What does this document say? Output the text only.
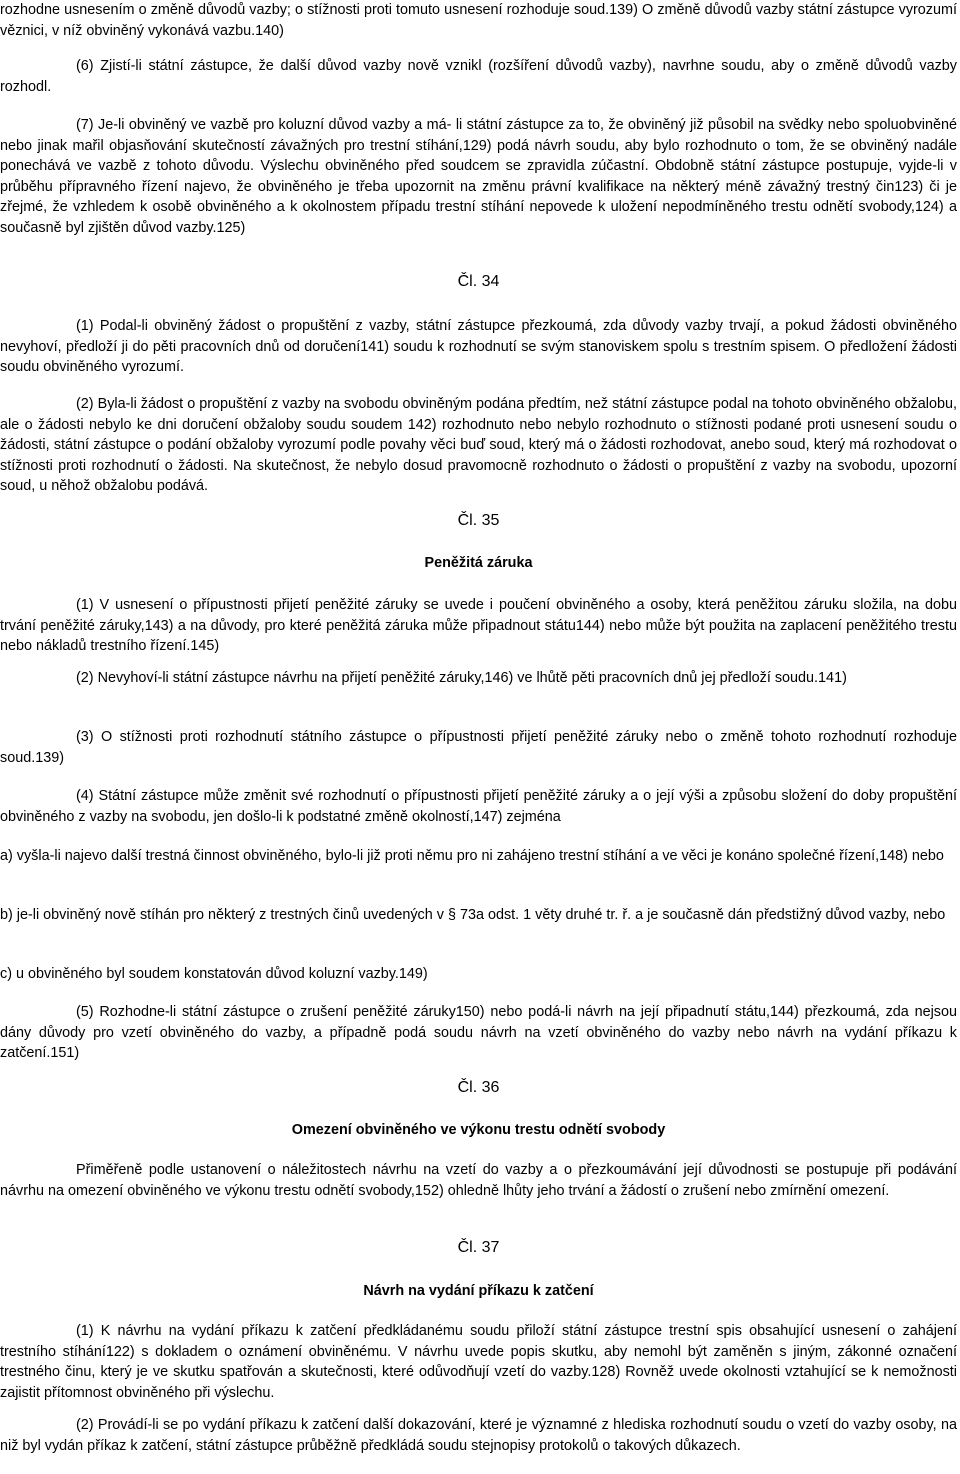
rozhodne usnesením o změně důvodů vazby; o stížnosti proti tomuto usnesení rozhoduje soud.139) O změně důvodů vazby státní zástupce vyrozumí věznici, v níž obviněný vykonává vazbu.140)

(6) Zjistí-li státní zástupce, že další důvod vazby nově vznikl (rozšíření důvodů vazby), navrhne soudu, aby o změně důvodů vazby rozhodl.

(7) Je-li obviněný ve vazbě pro koluzní důvod vazby a má- li státní zástupce za to, že obviněný již působil na svědky nebo spoluobviněné nebo jinak mařil objasňování skutečností závažných pro trestní stíhání,129) podá návrh soudu, aby bylo rozhodnuto o tom, že se obviněný nadále ponechává ve vazbě z tohoto důvodu. Výslechu obviněného před soudcem se zpravidla zúčastní. Obdobně státní zástupce postupuje, vyjde-li v průběhu přípravného řízení najevo, že obviněného je třeba upozornit na změnu právní kvalifikace na některý méně závažný trestný čin123) či je zřejmé, že vzhledem k osobě obviněného a k okolnostem případu trestní stíhání nepovede k uložení nepodmíněného trestu odnětí svobody,124) a současně byl zjištěn důvod vazby.125)

Čl. 34

(1) Podal-li obviněný žádost o propuštění z vazby, státní zástupce přezkoumá, zda důvody vazby trvají, a pokud žádosti obviněného nevyhoví, předloží ji do pěti pracovních dnů od doručení141) soudu k rozhodnutí se svým stanoviskem spolu s trestním spisem. O předložení žádosti soudu obviněného vyrozumí.

(2) Byla-li žádost o propuštění z vazby na svobodu obviněným podána předtím, než státní zástupce podal na tohoto obviněného obžalobu, ale o žádosti nebylo ke dni doručení obžaloby soudu soudem 142) rozhodnuto nebo nebylo rozhodnuto o stížnosti podané proti usnesení soudu o žádosti, státní zástupce o podání obžaloby vyrozumí podle povahy věci buď soud, který má o žádosti rozhodovat, anebo soud, který má rozhodovat o stížnosti proti rozhodnutí o žádosti. Na skutečnost, že nebylo dosud pravomocně rozhodnuto o žádosti o propuštění z vazby na svobodu, upozorní soud, u něhož obžalobu podává.

Čl. 35

Peněžitá záruka

(1) V usnesení o přípustnosti přijetí peněžité záruky se uvede i poučení obviněného a osoby, která peněžitou záruku složila, na dobu trvání peněžité záruky,143) a na důvody, pro které peněžitá záruka může připadnout státu144) nebo může být použita na zaplacení peněžitého trestu nebo nákladů trestního řízení.145)

(2) Nevyhoví-li státní zástupce návrhu na přijetí peněžité záruky,146) ve lhůtě pěti pracovních dnů jej předloží soudu.141)

(3) O stížnosti proti rozhodnutí státního zástupce o přípustnosti přijetí peněžité záruky nebo o změně tohoto rozhodnutí rozhoduje soud.139)

(4) Státní zástupce může změnit své rozhodnutí o přípustnosti přijetí peněžité záruky a o její výši a způsobu složení do doby propuštění obviněného z vazby na svobodu, jen došlo-li k podstatné změně okolností,147) zejména

a) vyšla-li najevo další trestná činnost obviněného, bylo-li již proti němu pro ni zahájeno trestní stíhání a ve věci je konáno společné řízení,148) nebo

b) je-li obviněný nově stíhán pro některý z trestných činů uvedených v § 73a odst. 1 věty druhé tr. ř. a je současně dán předstižný důvod vazby, nebo

c) u obviněného byl soudem konstatován důvod koluzní vazby.149)

(5) Rozhodne-li státní zástupce o zrušení peněžité záruky150) nebo podá-li návrh na její připadnutí státu,144) přezkoumá, zda nejsou dány důvody pro vzetí obviněného do vazby, a případně podá soudu návrh na vzetí obviněného do vazby nebo návrh na vydání příkazu k zatčení.151)

Čl. 36

Omezení obviněného ve výkonu trestu odnětí svobody

Přiměřeně podle ustanovení o náležitostech návrhu na vzetí do vazby a o přezkoumávání její důvodnosti se postupuje při podávání návrhu na omezení obviněného ve výkonu trestu odnětí svobody,152) ohledně lhůty jeho trvání a žádostí o zrušení nebo zmírnění omezení.

Čl. 37

Návrh na vydání příkazu k zatčení

(1) K návrhu na vydání příkazu k zatčení předkládanému soudu přiloží státní zástupce trestní spis obsahující usnesení o zahájení trestního stíhání122) s dokladem o oznámení obviněnému. V návrhu uvede popis skutku, aby nemohl být zaměněn s jiným, zákonné označení trestného činu, který je ve skutku spatřován a skutečnosti, které odůvodňují vzetí do vazby.128) Rovněž uvede okolnosti vztahující se k nemožnosti zajistit přítomnost obviněného při výslechu.

(2) Provádí-li se po vydání příkazu k zatčení další dokazování, které je významné z hlediska rozhodnutí soudu o vzetí do vazby osoby, na niž byl vydán příkaz k zatčení, státní zástupce průběžně předkládá soudu stejnopisy protokolů o takových důkazech.
